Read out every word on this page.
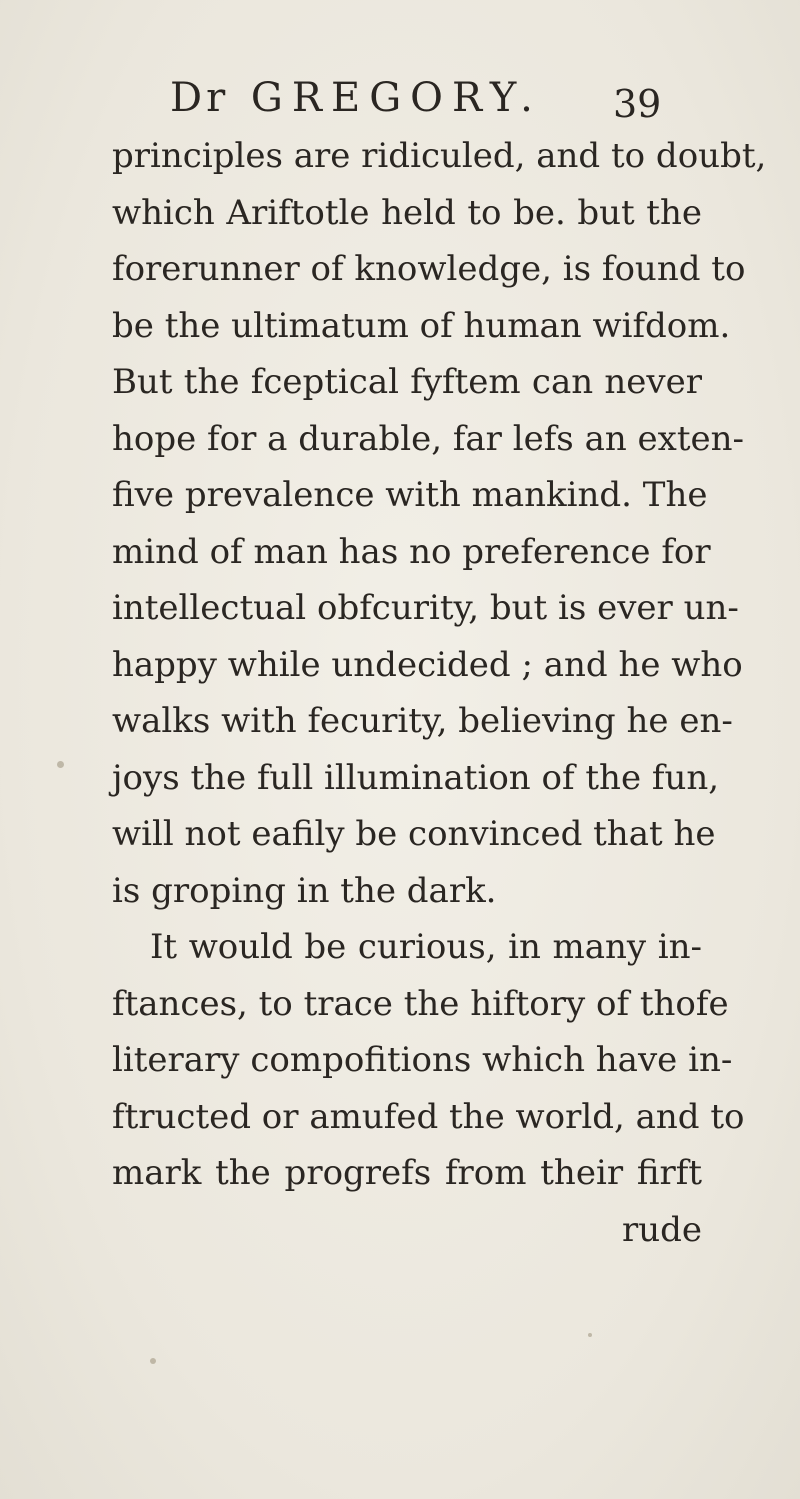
Dr GREGORY. 39
principles are ridiculed, and to doubt,
which Ariftotle held to be. but the
forerunner of knowledge, is found to
be the ultimatum of human wifdom.
But the fceptical fyftem can never
hope for a durable, far lefs an exten-
five prevalence with mankind. The
mind of man has no preference for
intellectual obfcurity, but is ever un-
happy while undecided ; and he who
walks with fecurity, believing he en-
joys the full illumination of the fun,
will not eafily be convinced that he
is groping in the dark.
It would be curious, in many in-
ftances, to trace the hiftory of thofe
literary compofitions which have in-
ftructed or amufed the world, and to
mark the progrefs from their firft
rude
